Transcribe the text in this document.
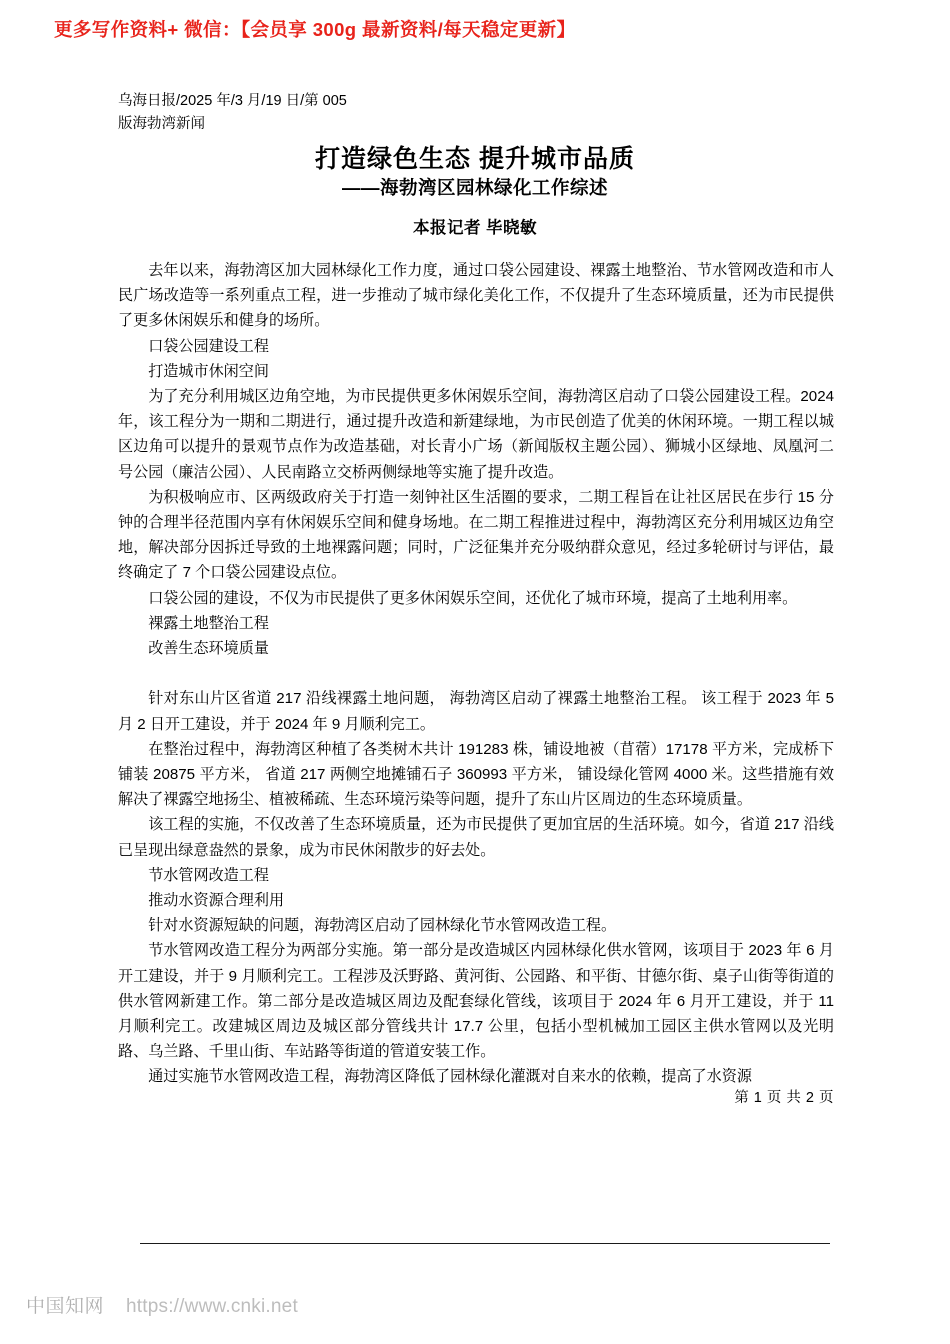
更多写作资料+ 微信：【会员享 300g 最新资料/每天稳定更新】
乌海日报/2025 年/3 月/19 日/第 005
版海勃湾新闻
打造绿色生态 提升城市品质
——海勃湾区园林绿化工作综述
本报记者 毕晓敏

去年以来，海勃湾区加大园林绿化工作力度，通过口袋公园建设、裸露土地整治、节水管网改造和市人民广场改造等一系列重点工程，进一步推动了城市绿化美化工作，不仅提升了生态环境质量，还为市民提供了更多休闲娱乐和健身的场所。

口袋公园建设工程

打造城市休闲空间

为了充分利用城区边角空地，为市民提供更多休闲娱乐空间，海勃湾区启动了口袋公园建设工程。2024 年，该工程分为一期和二期进行，通过提升改造和新建绿地，为市民创造了优美的休闲环境。一期工程以城区边角可以提升的景观节点作为改造基础，对长青小广场（新闻版权主题公园）、狮城小区绿地、凤凰河二号公园（廉洁公园）、人民南路立交桥两侧绿地等实施了提升改造。

为积极响应市、区两级政府关于打造一刻钟社区生活圈的要求，二期工程旨在让社区居民在步行 15 分钟的合理半径范围内享有休闲娱乐空间和健身场地。在二期工程推进过程中，海勃湾区充分利用城区边角空地，解决部分因拆迁导致的土地裸露问题；同时，广泛征集并充分吸纳群众意见，经过多轮研讨与评估，最终确定了 7 个口袋公园建设点位。

口袋公园的建设，不仅为市民提供了更多休闲娱乐空间，还优化了城市环境，提高了土地利用率。

裸露土地整治工程

改善生态环境质量

针对东山片区省道 217 沿线裸露土地问题， 海勃湾区启动了裸露土地整治工程。 该工程于 2023 年 5 月 2 日开工建设，并于 2024 年 9 月顺利完工。

在整治过程中，海勃湾区种植了各类树木共计 191283 株，铺设地被（苜蓿）17178 平方米，完成桥下铺装 20875 平方米， 省道 217 两侧空地摊铺石子 360993 平方米， 铺设绿化管网 4000 米。这些措施有效解决了裸露空地扬尘、植被稀疏、生态环境污染等问题，提升了东山片区周边的生态环境质量。

该工程的实施，不仅改善了生态环境质量，还为市民提供了更加宜居的生活环境。如今，省道 217 沿线已呈现出绿意盎然的景象，成为市民休闲散步的好去处。

节水管网改造工程

推动水资源合理利用

针对水资源短缺的问题，海勃湾区启动了园林绿化节水管网改造工程。

节水管网改造工程分为两部分实施。第一部分是改造城区内园林绿化供水管网，该项目于 2023 年 6 月开工建设，并于 9 月顺利完工。工程涉及沃野路、黄河街、公园路、和平街、甘德尔街、桌子山街等街道的供水管网新建工作。第二部分是改造城区周边及配套绿化管线，该项目于 2024 年 6 月开工建设，并于 11 月顺利完工。改建城区周边及城区部分管线共计 17.7 公里，包括小型机械加工园区主供水管网以及光明路、乌兰路、千里山街、车站路等街道的管道安装工作。

通过实施节水管网改造工程，海勃湾区降低了园林绿化灌溉对自来水的依赖，提高了水资源

第 1 页 共 2 页
中国知网 https://www.cnki.net
